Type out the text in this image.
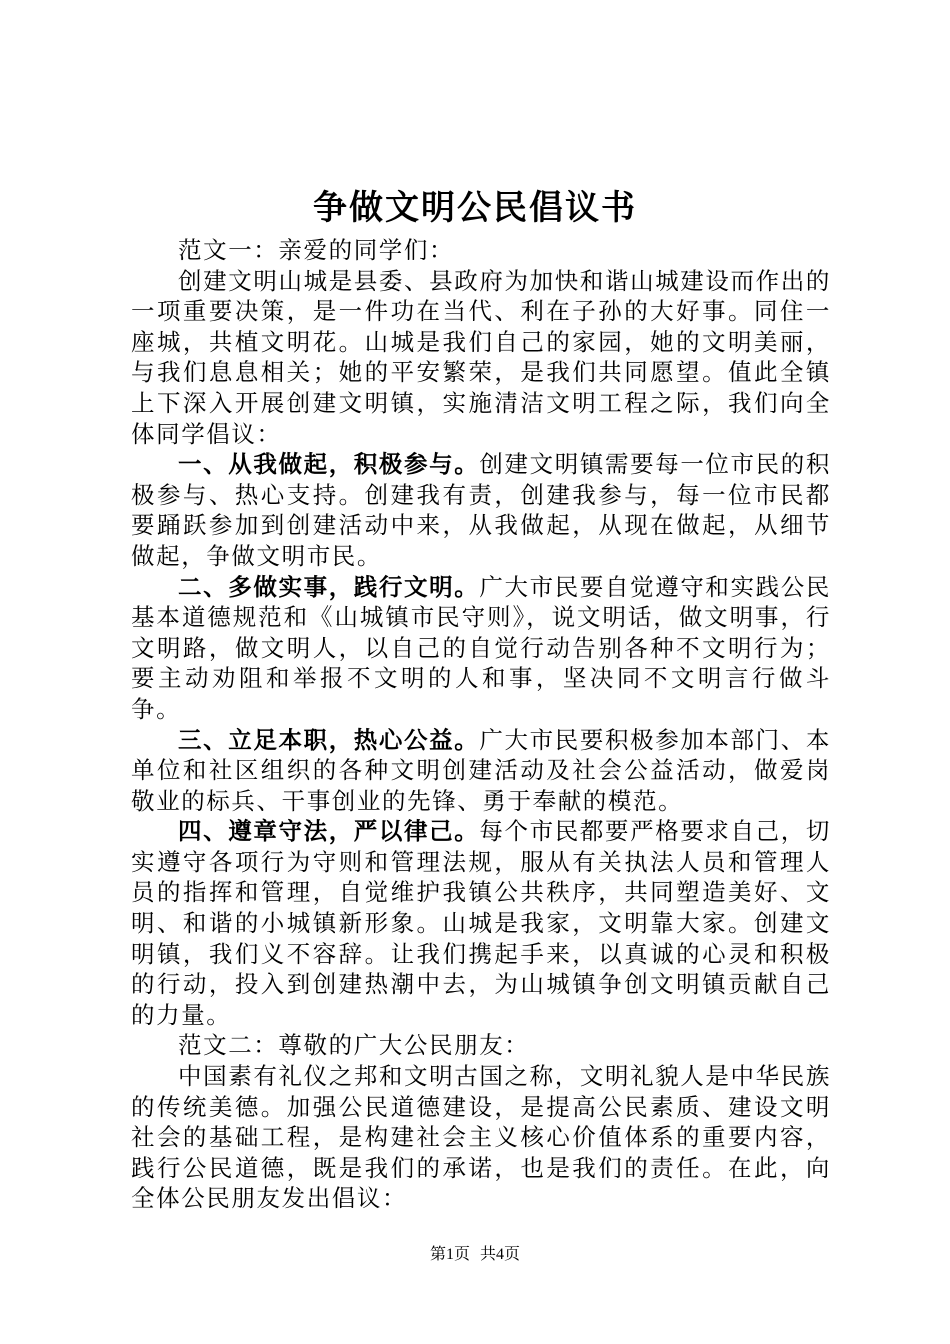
争做文明公民倡议书

范文一：亲爱的同学们：

创建文明山城是县委、县政府为加快和谐山城建设而作出的一项重要决策，是一件功在当代、利在子孙的大好事。同住一座城，共植文明花。山城是我们自己的家园，她的文明美丽，与我们息息相关；她的平安繁荣，是我们共同愿望。值此全镇上下深入开展创建文明镇，实施清洁文明工程之际，我们向全体同学倡议：

一、从我做起，积极参与。创建文明镇需要每一位市民的积极参与、热心支持。创建我有责，创建我参与，每一位市民都要踊跃参加到创建活动中来，从我做起，从现在做起，从细节做起，争做文明市民。

二、多做实事，践行文明。广大市民要自觉遵守和实践公民基本道德规范和《山城镇市民守则》，说文明话，做文明事，行文明路，做文明人，以自己的自觉行动告别各种不文明行为；要主动劝阻和举报不文明的人和事，坚决同不文明言行做斗争。

三、立足本职，热心公益。广大市民要积极参加本部门、本单位和社区组织的各种文明创建活动及社会公益活动，做爱岗敬业的标兵、干事创业的先锋、勇于奉献的模范。

四、遵章守法，严以律己。每个市民都要严格要求自己，切实遵守各项行为守则和管理法规，服从有关执法人员和管理人员的指挥和管理，自觉维护我镇公共秩序，共同塑造美好、文明、和谐的小城镇新形象。山城是我家，文明靠大家。创建文明镇，我们义不容辞。让我们携起手来，以真诚的心灵和积极的行动，投入到创建热潮中去，为山城镇争创文明镇贡献自己的力量。

范文二：尊敬的广大公民朋友：

中国素有礼仪之邦和文明古国之称，文明礼貌人是中华民族的传统美德。加强公民道德建设，是提高公民素质、建设文明社会的基础工程，是构建社会主义核心价值体系的重要内容，践行公民道德，既是我们的承诺，也是我们的责任。在此，向全体公民朋友发出倡议：

第1页 共4页
